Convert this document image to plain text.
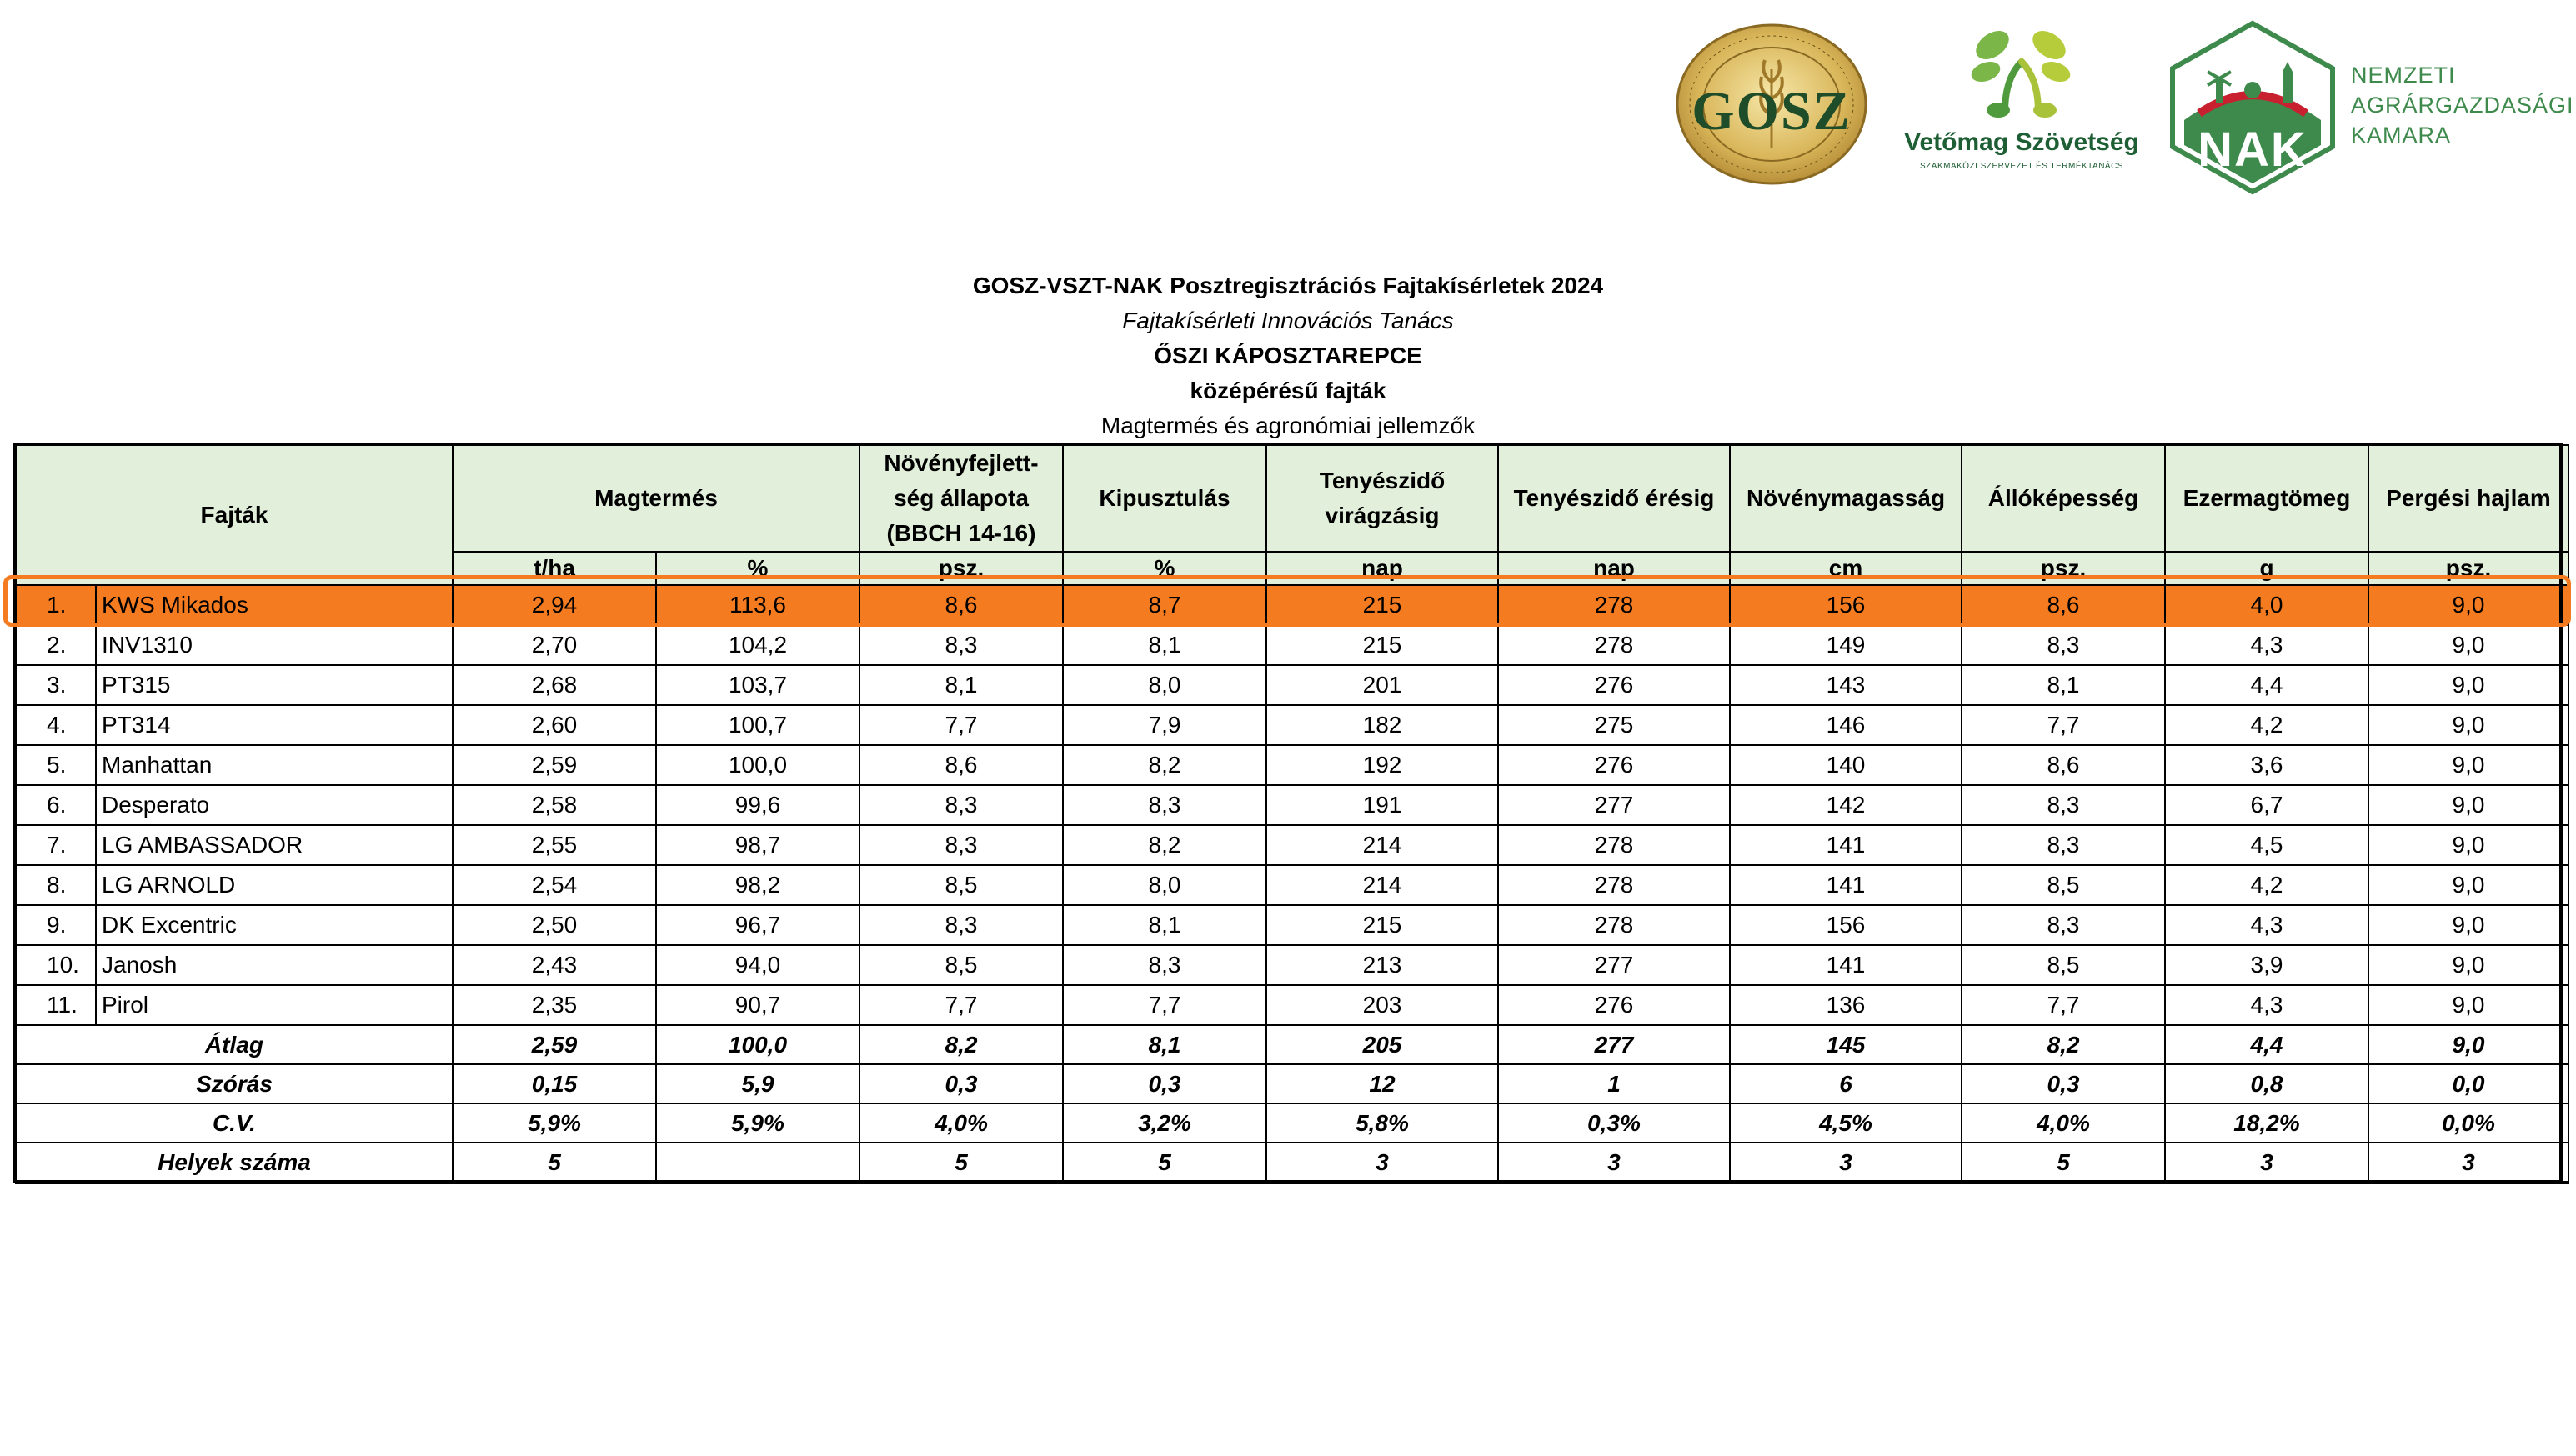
GOSZ
Vetőmag Szövetség
SZAKMAKÖZI SZERVEZET ÉS TERMÉKTANÁCS	NAK
NEMZETI
AGRÁRGAZDASÁGI
KAMARA
GOSZ-VSZT-NAK Posztregisztrációs Fajtakísérletek 2024
Fajtakísérleti Innovációs Tanács
ŐSZI KÁPOSZTAREPCE
középérésű fajták
Magtermés és agronómiai jellemzők
Fajták		Magtermés		Növényfejlett-ség állapota (BBCH 14-16)	Kipusztulás	Tenyészidő virágzásig	Tenyészidő érésig	Növénymagasság	Állóképesség	Ezermagtömeg	Pergési hajlam
		t/ha	%	psz.	%	nap	nap	cm	psz.	g	psz.
1.	KWS Mikados	2,94	113,6	8,6	8,7	215	278	156	8,6	4,0	9,0
2.	INV1310	2,70	104,2	8,3	8,1	215	278	149	8,3	4,3	9,0
3.	PT315	2,68	103,7	8,1	8,0	201	276	143	8,1	4,4	9,0
4.	PT314	2,60	100,7	7,7	7,9	182	275	146	7,7	4,2	9,0
5.	Manhattan	2,59	100,0	8,6	8,2	192	276	140	8,6	3,6	9,0
6.	Desperato	2,58	99,6	8,3	8,3	191	277	142	8,3	6,7	9,0
7.	LG AMBASSADOR	2,55	98,7	8,3	8,2	214	278	141	8,3	4,5	9,0
8.	LG ARNOLD	2,54	98,2	8,5	8,0	214	278	141	8,5	4,2	9,0
9.	DK Excentric	2,50	96,7	8,3	8,1	215	278	156	8,3	4,3	9,0
10.	Janosh	2,43	94,0	8,5	8,3	213	277	141	8,5	3,9	9,0
11.	Pirol	2,35	90,7	7,7	7,7	203	276	136	7,7	4,3	9,0
Átlag		2,59	100,0	8,2	8,1	205	277	145	8,2	4,4	9,0
Szórás		0,15	5,9	0,3	0,3	12	1	6	0,3	0,8	0,0
C.V.		5,9%	5,9%	4,0%	3,2%	5,8%	0,3%	4,5%	4,0%	18,2%	0,0%
Helyek száma		5		5	5	3	3	3	5	3	3
